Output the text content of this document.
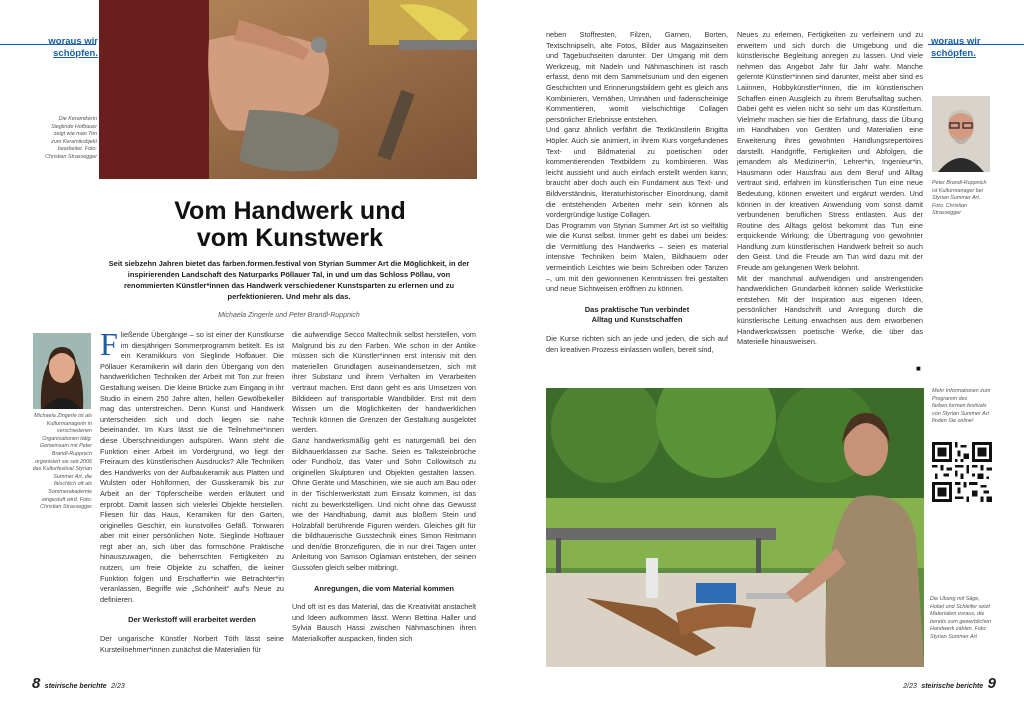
woraus wir
schöpfen.
Die Keramikerin Sieglinde Hofbauer zeigt wie man Ton zum Keramikobjekt bearbeitet. Foto: Christian Strassegger
Vom Handwerk und
vom Kunstwerk
Seit siebzehn Jahren bietet das farben.formen.festival von Styrian Summer Art die Möglichkeit, in der inspirierenden Landschaft des Naturparks Pöllauer Tal, in und um das Schloss Pöllau, von renommierten Künstler*innen das Handwerk verschiedener Kunstsparten zu erlernen und zu perfektionieren. Und mehr als das.
Michaela Zingerle und Peter Brandl-Ruppnich
Michaela Zingerle ist als Kulturmanagerin in verschiedenen Organisationen tätig. Gemeinsam mit Peter Brandl-Ruppnich organisiert sie seit 2006 das Kulturfestival Styrian Summer Art, die fälschlich oft als Sommerakademie eingestuft wird. Foto: Christian Strassegger

Fließende Übergänge – so ist einer der Kunstkurse im diesjährigen Sommerprogramm betitelt. Es ist ein Keramikkurs von Sieglinde Hofbauer. Die Pöllauer Keramikerin will darin den Übergang von den handwerklichen Techniken der Arbeit mit Ton zur freien Gestaltung weisen. Die kleine Brücke zum Eingang in ihr Studio in einem 250 Jahre alten, hellen Gewölbekeller mag das unterstreichen. Denn Kunst und Handwerk unterscheiden sich und doch liegen sie nahe beieinander. Im Kurs lässt sie die Teilnehmer*innen diese Überschneidungen aufspüren. Wann steht die Funktion einer Arbeit im Vordergrund, wo liegt der Freiraum des künstlerischen Ausdrucks? Alle Techniken des Handwerks von der Aufbaukeramik aus Platten und Wulsten oder Hohlformen, der Gusskeramik bis zur Arbeit an der Töpferscheibe werden erläutert und erprobt. Damit lassen sich vielerlei Objekte herstellen. Fliesen für das Haus, Keramiken für den Garten, originelles Geschirr, ein kunstvolles Gefäß. Tonwaren aber mit einer persönlichen Note. Sieglinde Hofbauer regt aber an, sich über das formschöne Praktische hinauszuwagen, die beherrschten Fertigkeiten zu nutzen, um freie Objekte zu schaffen, die keiner Funktion folgen und Erschaffer*in wie Betrachter*in veranlassen, Begriffe wie „Schönheit“ auf's Neue zu definieren.

Der Werkstoff will erarbeitet werden

Der ungarische Künstler Norbert Tóth lässt seine Kursteilnehmer*innen zunächst die Materialien für

die aufwendige Secco Maltechnik selbst herstellen, vom Malgrund bis zu den Farben. Wie schon in der Antike müssen sich die Künstler*innen erst intensiv mit den materiellen Grundlagen auseinandersetzen, sich mit ihrer Substanz und ihrem Verhalten im Verarbeiten vertraut machen. Erst dann geht es ans Umsetzen von Bildideen auf transportable Wandbilder. Erst mit dem Wissen um die Möglichkeiten der handwerklichen Technik können die Grenzen der Gestaltung ausgelotet werden.

Ganz handwerksmäßig geht es naturgemäß bei den Bildhauerklassen zur Sache. Seien es Talksteinbrüche oder Fundholz, das Vater und Sohn Collowitsch zu originellen Skulpturen und Objekten gestalten lassen. Ohne Geräte und Maschinen, wie sie auch am Bau oder in der Tischlerwerkstatt zum Einsatz kommen, ist das nicht zu bewerkstelligen. Und nicht ohne das Gewusst wie der Handhabung, damit aus bloßem Stein und Holzabfall berührende Figuren werden. Gleiches gilt für die bildhauerische Gusstechnik eines Simon Reitmann und den/die Bronzefiguren, die in nur drei Tagen unter Anleitung von Samson Oglamian entstehen, der seinen Gussofen gleich selber mitbringt.

Anregungen, die vom Material kommen

Und oft ist es das Material, das die Kreativität anstachelt und Ideen aufkommen lässt. Wenn Bettina Haller und Sylvia Bausch Hassi zwischen Nähmaschinen ihren Materialkoffer auspacken, finden sich

8 steirische berichte 2/23

neben Stoffresten, Filzen, Garnen, Borten, Textschnipseln, alte Fotos, Bilder aus Magazinseiten und Tagebuchseiten darunter. Der Umgang mit dem Werkzeug, mit Nadeln und Nähmaschinen ist rasch erfasst, denn mit dem Sammelsurium und den eigenen Geschichten und Erinnerungsbildern geht es gleich ans Kombinieren, Vernähen, Umnähen und fadenscheinige Kommentieren, womit vielschichtige Collagen persönlicher Erlebnisse entstehen.

Und ganz ähnlich verfährt die Textkünstlerin Brigitta Höpler. Auch sie animiert, in ihrem Kurs vorgefundenes Text- und Bildmaterial zu poetischen oder kommentierenden Textbildern zu kombinieren. Was leicht aussieht und auch einfach erstellt werden kann, braucht aber doch auch ein Fundament aus Text- und Bildverständnis, literaturhistorischer Einordnung, damit die entstehenden Arbeiten mehr sein können als vordergründige lustige Collagen.

Das Programm von Styrian Summer Art ist so vielfältig wie die Kunst selbst. Immer geht es dabei um beides: die Vermittlung des Handwerks – seien es material intensive Techniken beim Malen, Bildhauern oder vermeintlich Leichtes wie beim Schreiben oder Tanzen –, um mit den gewonnenen Kenntnissen frei gestalten und neue Sichtweisen eröffnen zu können.

Das praktische Tun verbindet
Alltag und Kunstschaffen

Die Kurse richten sich an jede und jeden, die sich auf den kreativen Prozess einlassen wollen, bereit sind,

Neues zu erlernen, Fertigkeiten zu verfeinern und zu erweitern und sich durch die Umgebung und die künstlerische Begleitung anregen zu lassen. Und viele nehmen das Angebot Jahr für Jahr wahr. Manche gelernte Künstler*innen sind darunter, meist aber sind es Laiinnen, Hobbykünstler*innen, die im künstlerischen Schaffen einen Ausgleich zu ihrem Berufsalltag suchen. Dabei geht es vielen nicht so sehr um das Künstlertum. Vielmehr machen sie hier die Erfahrung, dass die Übung im Handhaben von Geräten und Materialien eine Erweiterung ihres gewohnten Handlungsrepertoires darstellt. Handgriffe, Fertigkeiten und Abfolgen, die jemandem als Mediziner*in, Lehrer*in, Ingenieur*in, Hausmann oder Hausfrau aus dem Beruf und Alltag vertraut sind, erfahren im künstlerischen Tun eine neue Bedeutung, können erweitert und ergänzt werden. Und können in der kreativen Anwendung vom sonst damit verbundenen beruflichen Stress entlasten. Aus der Routine des Alltags gelöst bekommt das Tun eine erquickende Wirkung; die Übertragung von gewohnter Handlung zum künstlerischen Handwerk befreit so auch den Geist. Und die Freude am Tun wird dazu mit der Freude am gelungenen Werk belohnt.

Mit der manchmal aufwendigen und anstrengenden handwerklichen Grundarbeit können solide Werkstücke entstehen. Mit der Inspiration aus eigenen Ideen, persönlicher Handschrift und Anregung durch die künstlerische Leitung erwachsen aus dem erworbenen Handwerkswissen poetische Werke, die über das Materielle hinausweisen.

■
woraus wir
schöpfen.
Peter Brandl-Ruppnich ist Kulturmanager bei Styrian Summer Art. Foto: Christian Strassegger
Mehr Informationen zum Programm des farben.formen.festivals von Styrian Summer Art finden Sie online!
Die Übung mit Säge, Hobel und Schleifer setzt Materialien voraus, die bereits zum gewerblichen Handwerk zählen. Foto: Styrian Summer Art
2/23 steirische berichte 9
